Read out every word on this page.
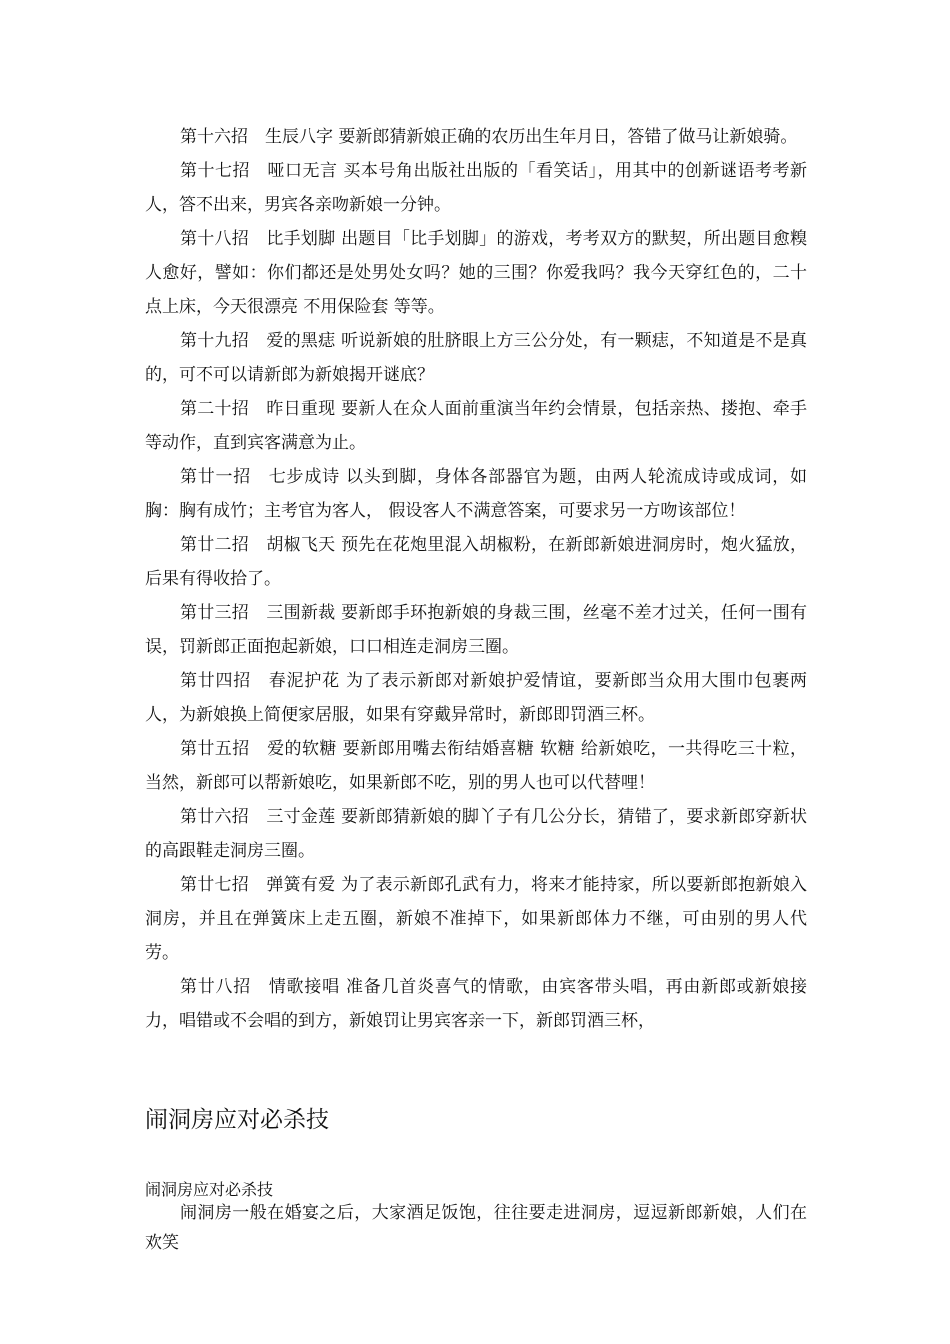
第十六招　生辰八字 要新郎猜新娘正确的农历出生年月日，答错了做马让新娘骑。

第十七招　哑口无言 买本号角出版社出版的「看笑话」，用其中的创新谜语考考新人，答不出来，男宾各亲吻新娘一分钟。

第十八招　比手划脚 出题目「比手划脚」的游戏，考考双方的默契，所出题目愈糗人愈好，譬如：你们都还是处男处女吗？她的三围？你爱我吗？我今天穿红色的，二十点上床，今天很漂亮 不用保险套 等等。

第十九招　爱的黑痣 听说新娘的肚脐眼上方三公分处，有一颗痣，不知道是不是真的，可不可以请新郎为新娘揭开谜底？

第二十招　昨日重现 要新人在众人面前重演当年约会情景，包括亲热、搂抱、牵手等动作，直到宾客满意为止。

第廿一招　七步成诗 以头到脚，身体各部器官为题，由两人轮流成诗或成词，如胸：胸有成竹；主考官为客人， 假设客人不满意答案，可要求另一方吻该部位！

第廿二招　胡椒飞天 预先在花炮里混入胡椒粉，在新郎新娘进洞房时，炮火猛放，后果有得收拾了。

第廿三招　三围新裁 要新郎手环抱新娘的身裁三围，丝毫不差才过关，任何一围有误，罚新郎正面抱起新娘，口口相连走洞房三圈。

第廿四招　春泥护花 为了表示新郎对新娘护爱情谊，要新郎当众用大围巾包裹两人，为新娘换上简便家居服，如果有穿戴异常时，新郎即罚酒三杯。

第廿五招　爱的软糖 要新郎用嘴去衔结婚喜糖 软糖 给新娘吃，一共得吃三十粒，当然，新郎可以帮新娘吃，如果新郎不吃，别的男人也可以代替哩！

第廿六招　三寸金莲 要新郎猜新娘的脚丫子有几公分长，猜错了，要求新郎穿新状的高跟鞋走洞房三圈。

第廿七招　弹簧有爱 为了表示新郎孔武有力，将来才能持家，所以要新郎抱新娘入洞房，并且在弹簧床上走五圈，新娘不准掉下，如果新郎体力不继，可由别的男人代劳。

第廿八招　情歌接唱 准备几首炎喜气的情歌，由宾客带头唱，再由新郎或新娘接力，唱错或不会唱的到方，新娘罚让男宾客亲一下，新郎罚酒三杯，

闹洞房应对必杀技

闹洞房应对必杀技

闹洞房一般在婚宴之后，大家酒足饭饱，往往要走进洞房，逗逗新郎新娘，人们在欢笑
